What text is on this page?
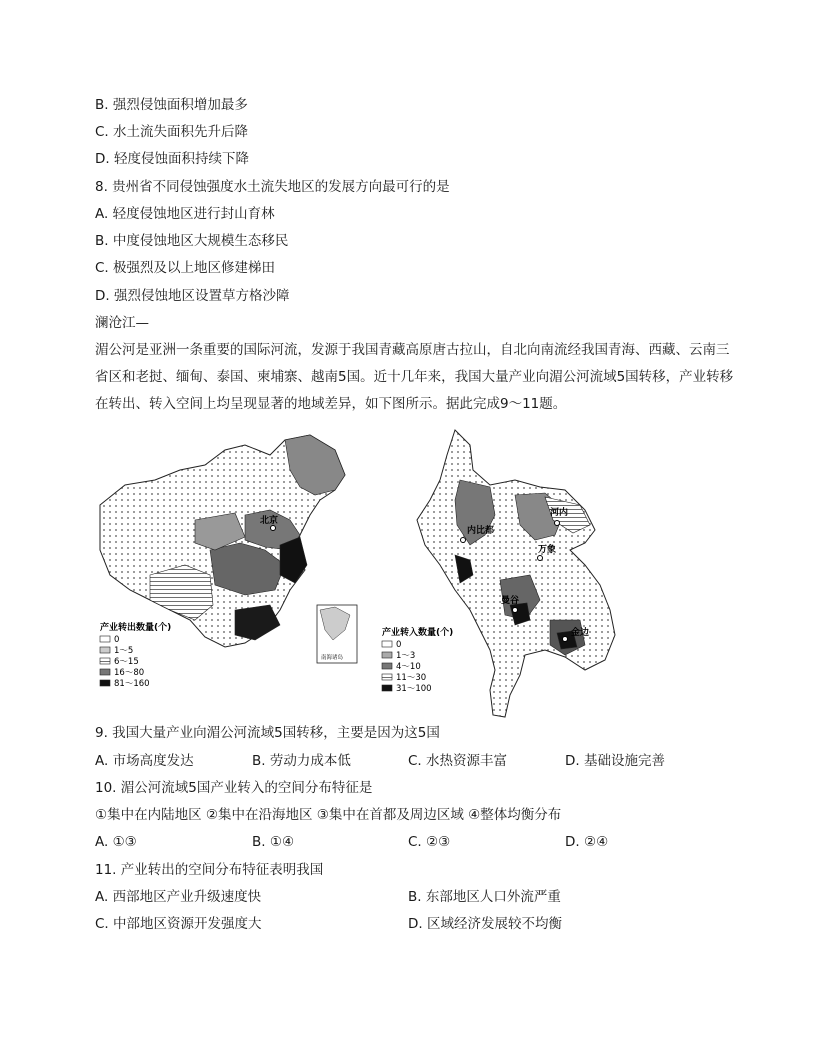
B. 强烈侵蚀面积增加最多
C. 水土流失面积先升后降
D. 轻度侵蚀面积持续下降
8. 贵州省不同侵蚀强度水土流失地区的发展方向最可行的是
A. 轻度侵蚀地区进行封山育林
B. 中度侵蚀地区大规模生态移民
C. 极强烈及以上地区修建梯田
D. 强烈侵蚀地区设置草方格沙障
澜沧江—
湄公河是亚洲一条重要的国际河流，发源于我国青藏高原唐古拉山，自北向南流经我国青海、西藏、云南三省区和老挝、缅甸、泰国、柬埔寨、越南5国。近十几年来，我国大量产业向湄公河流域5国转移，产业转移在转出、转入空间上均呈现显著的地域差异，如下图所示。据此完成9～11题。
北京
南海诸岛
产业转出数量(个)
0
1～5
6～15
16～80
81～160
内比都
河内
万象
曼谷
金边
产业转入数量(个)
0
1～3
4～10
11～30
31～100
9. 我国大量产业向湄公河流域5国转移，主要是因为这5国
A. 市场高度发达	B. 劳动力成本低	C. 水热资源丰富	D. 基础设施完善
10. 湄公河流域5国产业转入的空间分布特征是
①集中在内陆地区 ②集中在沿海地区 ③集中在首都及周边区域 ④整体均衡分布
A. ①③	B. ①④	C. ②③	D. ②④
11. 产业转出的空间分布特征表明我国
A. 西部地区产业升级速度快	B. 东部地区人口外流严重
C. 中部地区资源开发强度大	D. 区域经济发展较不均衡
